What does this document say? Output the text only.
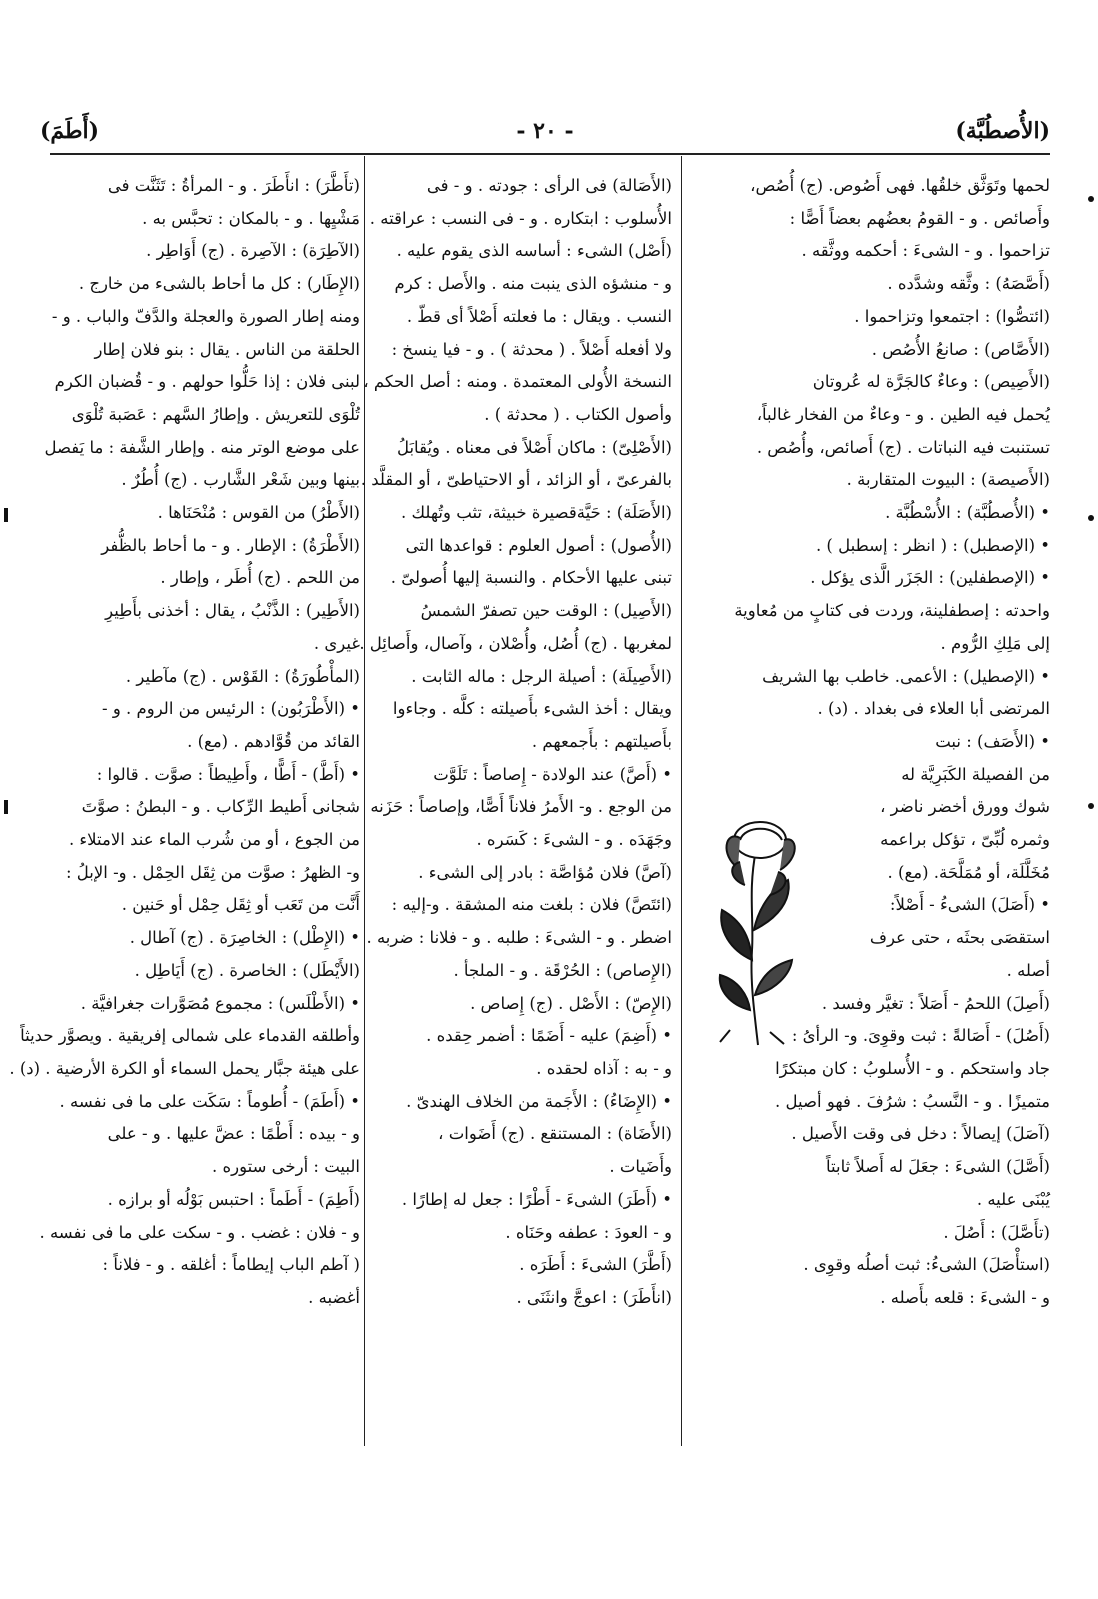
(الأُصطُبَّة)
- ٢٠ -
(أَطَمَ)

لحمها وتَوَثَّق خلقُها. فهى أَصُوص. (ج) أُصُص،

وأَصائص . و - القومُ بعضُهم بعضاً أَصًّا :

تزاحموا . و - الشىءَ : أحكمه ووثَّقه .

(أَصَّصَهُ) : وثَّقه وشدَّده .

(ائتصُّوا) : اجتمعوا وتزاحموا .

(الأَصَّاص) : صانعُ الأُصُص .

(الأَصِيص) : وعاءٌ كالجَرَّة له عُروتان

يُحمل فيه الطين . و - وعاءٌ من الفخار غالباً،

تستنبت فيه النباتات . (ج) أَصائص، وأُصُص .

(الأَصيصة) : البيوت المتقاربة .

• (الأُصطُبَّة) : الأُسْطُبَّة .

• (الإصطبل) : ( انظر : إسطبل ) .

• (الإصطفلين) : الجَزَر الَّذى يؤكل .

واحدته : إصطفلينة، وردت فى كتابٍ من مُعاوية

إلى مَلِكِ الرُّوم .

• (الإصطيل) : الأعمى. خاطب بها الشريف

المرتضى أبا العلاء فى بغداد . (د) .

• (الأَصَف) : نبت

من الفصيلة الكَبَرِيَّة له

شوك وورق أخضر ناضر ،

وثمره لُبِّىّ ، تؤكل براعمه

مُخَلَّلَة، أو مُمَلَّحَة. (مع) .

• (أَصَلَ) الشىءُ - أَصْلاً:

استقصَى بحثَه ، حتى عرف

أصله .

(أَصِلَ) اللحمُ - أَصَلاً : تغيَّر وفسد .

(أَصُلَ) - أَصَالةً : ثبت وقوِىَ. و- الرأىُ :

جاد واستحكم . و - الأُسلوبُ : كان مبتكرًا

متميزًا . و - النَّسبُ : شرُفَ . فهو أصيل .

(آصَلَ) إيصالاً : دخل فى وقت الأَصيل .

(أَصَّلَ) الشىءَ : جعَلَ له أَصلاً ثابتاً

يُبْنَى عليه .

(تأَصَّلَ) : أَصُلَ .

(استأْصَلَ) الشىءُ: ثبت أصلُه وقوِى .

و - الشىءَ : قلعه بأَصله .

(الأَصَالة) فى الرأى : جودته . و - فى

الأُسلوب : ابتكاره . و - فى النسب : عراقته .

(أَصْل) الشىء : أساسه الذى يقوم عليه .

و - منشؤه الذى ينبت منه . والأَصل : كرم

النسب . ويقال : ما فعلته أَصْلاً أى قطّ .

ولا أفعله أَصْلاً . ( محدثة ) . و - فيا ينسخ :

النسخة الأُولى المعتمدة . ومنه : أصل الحكم ،

وأصول الكتاب . ( محدثة ) .

(الأَصْلِىّ) : ماكان أَصْلاً فى معناه . ويُقابَلُ

بالفرعىّ ، أو الزائد ، أو الاحتياطىّ ، أو المقلَّد .

(الأَصَلَة) : حَيَّةقصيرة خبيثة، تثب وتُهلك .

(الأُصول) : أصول العلوم : قواعدها التى

تبنى عليها الأحكام . والنسبة إليها أُصولىّ .

(الأَصِيل) : الوقت حين تصفرّ الشمسُ

لمغربها . (ج) أُصُل، وأُصْلان ، وآصال، وأَصائِل .

(الأَصِيلَة) : أصيلة الرجل : ماله الثابت .

ويقال : أخذ الشىء بأَصيلته : كلَّه . وجاءوا

بأَصيلتهم : بأَجمعهم .

• (أَصَّ) عند الولادة - إِصاصاً : تَلَوَّت

من الوجع . و- الأَمرُ فلاناً أَصًّا، وإصاصاً : حَزَنه

وجَهَدَه . و - الشىءَ : كَسَره .

(آصَّ) فلان مُؤاصَّة : بادر إلى الشىء .

(ائتَصَّ) فلان : بلغت منه المشقة . و-إليه :

اضطر . و - الشىءَ : طلبه . و - فلانا : ضربه .

(الإِصاص) : الحُرْقَة . و - الملجأ .

(الإِصّ) : الأَصْل . (ج) إِصاص .

• (أَضِمَ) عليه - أَضَمًا : أضمر حِقده .

و - به : آذاه لحقده .

• (الإِضَاءُ) : الأَجَمة من الخلاف الهندىّ .

(الأَضَاة) : المستنقع . (ج) أَضَوات ،

وأَضَيات .

• (أَطَرَ) الشىءَ - أَطْرًا : جعل له إطارًا .

و - العودَ : عطفه وحَنَاه .

(أَطَّرَ) الشىءَ : أَطَرَه .

(انأَطَرَ) : اعوجَّ وانثَنَى .

(تأَطَّرَ) : انأَطَرَ . و - المرأةُ : تَثَنَّت فى

مَشْيِها . و - بالمكان : تحبَّس به .

(الآطِرَة) : الآصِرة . (ج) أَوَاطِر .

(الإِطَار) : كل ما أحاط بالشىء من خارج .

ومنه إطار الصورة والعجلة والدَّفّ والباب . و -

الحلقة من الناس . يقال : بنو فلان إطار

لبنى فلان : إذا حَلُّوا حولهم . و - قُضبان الكرم

تُلْوَى للتعريش . وإطارُ السَّهم : عَصَبة تُلْوَى

على موضع الوتر منه . وإطار الشَّفة : ما يَفصل

بينها وبين شَعْر الشَّارب . (ج) أُطُرٌ .

(الأَطْرُ) من القوس : مُنْحَنَاها .

(الأَطْرَةُ) : الإطار . و - ما أحاط بالظُّفر

من اللحم . (ج) أُطَر ، وإطار .

(الأَطِير) : الذَّنْبُ ، يقال : أخذنى بأَطِيرِ

غيرى .

(المأْطُورَةُ) : القَوْس . (ج) مآطير .

• (الأَطْرَبُون) : الرئيس من الروم . و -

القائد من قُوَّادهم . (مع) .

• (أَطَّ) - أَطًّا ، وأَطِيطاً : صوَّت . قالوا :

شجانى أَطيط الرِّكاب . و - البطنُ : صوَّتَ

من الجوع ، أو من شُرب الماء عند الامتلاء .

و- الظهرُ : صوَّت من ثِقَل الحِمْل . و- الإبلُ :

أَنَّت من تَعَب أو ثِقَل حِمْل أو حَنين .

• (الإِطْل) : الخاصِرَة . (ج) آطال .

(الأَيْطَل) : الخاصرة . (ج) أَيَاطِل .

• (الأَطْلَس) : مجموع مُصَوَّرات جغرافيَّة .

وأطلقه القدماء على شمالى إفريقية . ويصوَّر حديثاً

على هيئة جبَّار يحمل السماء أو الكرة الأرضية . (د) .

• (أَطَمَ) - أُطوماً : سَكَت على ما فى نفسه .

و - بيده : أَطْمًا : عضَّ عليها . و - على

البيت : أرخى ستوره .

(أَطِمَ) - أَطَماً : احتبس بَوْلُه أو برازه .

و - فلان : غضب . و - سكت على ما فى نفسه .

( آطم الباب إيطاماً : أغلقه . و - فلاناً :

أغضبه .
